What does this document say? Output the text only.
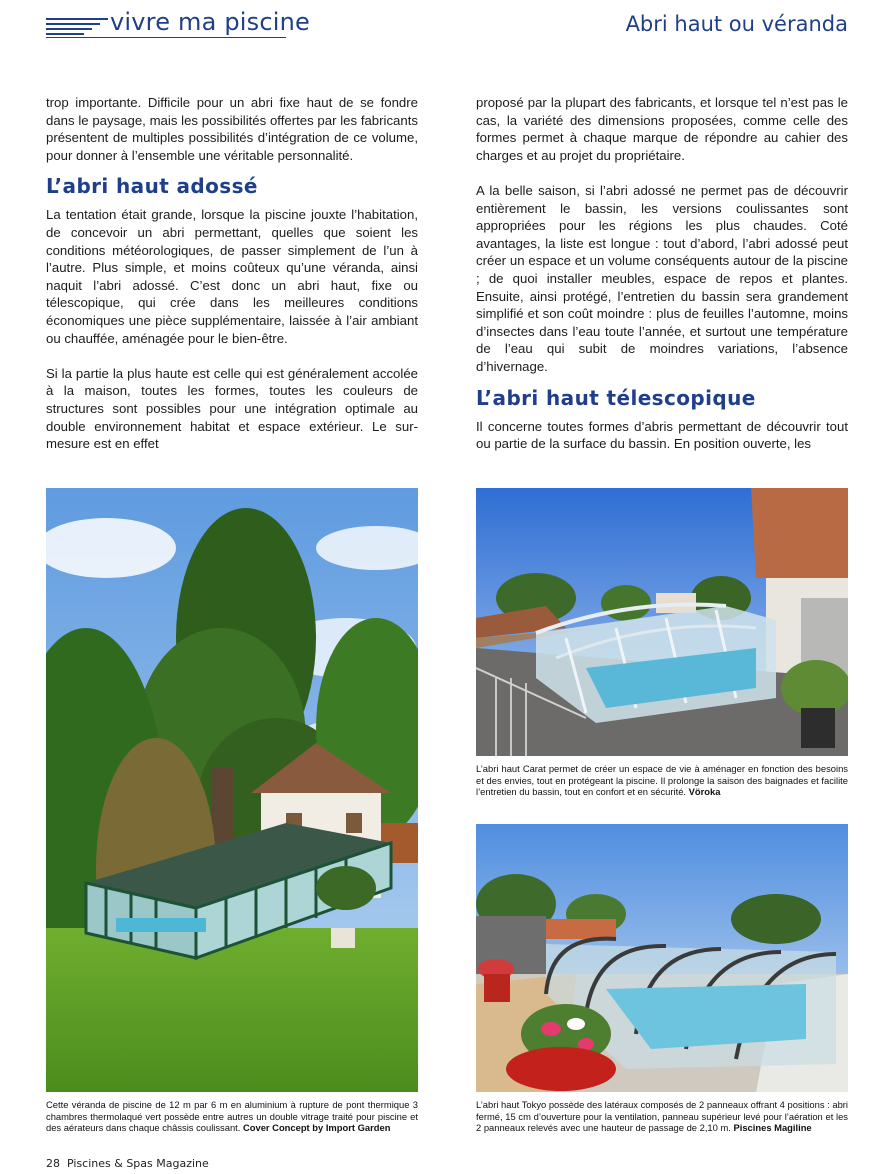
vivre ma piscine	Abri haut ou véranda

trop importante. Difficile pour un abri fixe haut de se fondre dans le paysage, mais les possibilités offertes par les fabricants présentent de multiples possibilités d’intégration de ce volume, pour donner à l’ensemble une véritable personnalité.

L’abri haut adossé

La tentation était grande, lorsque la piscine jouxte l’habitation, de concevoir un abri permettant, quelles que soient les conditions météorologiques, de passer simplement de l’un à l’autre. Plus simple, et moins coûteux qu’une véranda, ainsi naquit l’abri adossé. C’est donc un abri haut, fixe ou télescopique, qui crée dans les meilleures conditions économiques une pièce supplémentaire, laissée à l’air ambiant ou chauffée, aménagée pour le bien-être.

Si la partie la plus haute est celle qui est généralement accolée à la maison, toutes les formes, toutes les couleurs de structures sont possibles pour une intégration optimale au double environnement habitat et espace extérieur. Le sur-mesure est en effet

proposé par la plupart des fabricants, et lorsque tel n’est pas le cas, la variété des dimensions proposées, comme celle des formes permet à chaque marque de répondre au cahier des charges et au projet du propriétaire.

A la belle saison, si l’abri adossé ne permet pas de découvrir entièrement le bassin, les versions coulissantes sont appropriées pour les régions les plus chaudes. Coté avantages, la liste est longue : tout d’abord, l’abri adossé peut créer un espace et un volume conséquents autour de la piscine ; de quoi installer meubles, espace de repos et plantes. Ensuite, ainsi protégé, l’entretien du bassin sera grandement simplifié et son coût moindre : plus de feuilles l’automne, moins d’insectes dans l’eau toute l’année, et surtout une température de l’eau qui subit de moindres variations, l’absence d’hivernage.

L’abri haut télescopique

Il concerne toutes formes d’abris permettant de découvrir tout ou partie de la surface du bassin. En position ouverte, les

Cette véranda de piscine de 12 m par 6 m en aluminium à rupture de pont thermique 3 chambres thermolaqué vert possède entre autres un double vitrage traité pour piscine et des aérateurs dans chaque châssis coulissant. Cover Concept by Import Garden
L’abri haut Carat permet de créer un espace de vie à aménager en fonction des besoins et des envies, tout en protégeant la piscine. Il prolonge la saison des baignades et facilite l’entretien du bassin, tout en confort et en sécurité. Vöroka
L’abri haut Tokyo possède des latéraux composés de 2 panneaux offrant 4 positions : abri fermé, 15 cm d’ouverture pour la ventilation, panneau supérieur levé pour l’aération et les 2 panneaux relevés avec une hauteur de passage de 2,10 m. Piscines Magiline
28 Piscines & Spas Magazine
